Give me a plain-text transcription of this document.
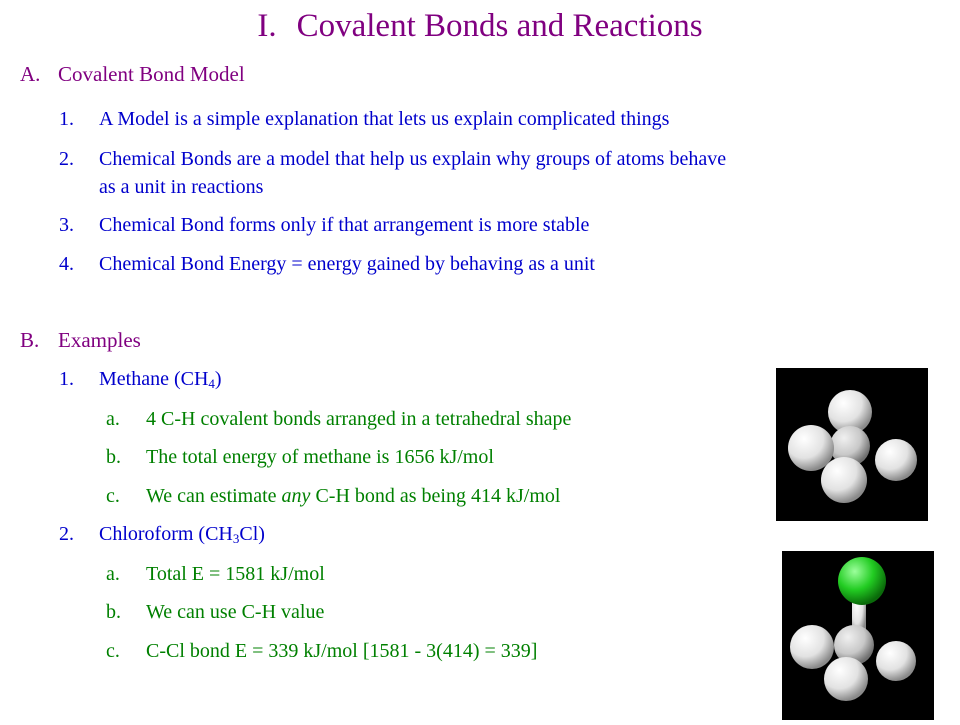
I. Covalent Bonds and Reactions
A. Covalent Bond Model
1. A Model is a simple explanation that lets us explain complicated things
2. Chemical Bonds are a model that help us explain why groups of atoms behave
as a unit in reactions
3. Chemical Bond forms only if that arrangement is more stable
4. Chemical Bond Energy = energy gained by behaving as a unit
B. Examples
1. Methane $(CH_4)$
a. 4 C-H covalent bonds arranged in a tetrahedral shape
b. The total energy of methane is 1656 kJ/mol
c. We can estimate any C-H bond as being 414 kJ/mol
2. Chloroform $(CH_3Cl)$
a. Total E = 1581 kJ/mol
b. We can use C-H value
c. C-Cl bond E = 339 kJ/mol [1581 - 3(414) = 339]
